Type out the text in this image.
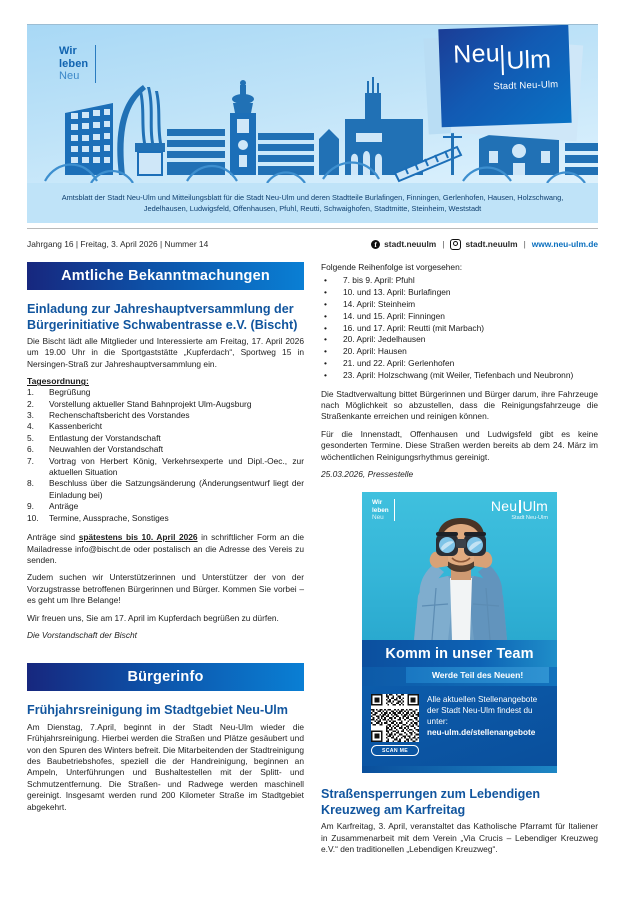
Wir
leben
Neu
Neu Ulm
Stadt Neu-Ulm

Amtsblatt der Stadt Neu-Ulm und Mitteilungsblatt für die Stadt Neu-Ulm und deren Stadtteile Burlafingen, Finningen, Gerlenhofen, Hausen, Holzschwang, Jedelhausen, Ludwigsfeld, Offenhausen, Pfuhl, Reutti, Schwaighofen, Stadtmitte, Steinheim, Weststadt

Jahrgang 16 | Freitag, 3. April 2026 | Nummer 14	f stadt.neuulm |	stadt.neuulm | www.neu-ulm.de
Amtliche Bekanntmachungen
Einladung zur Jahreshauptversammlung der Bürgerinitiative Schwabentrasse e.V. (Bischt)

Die Bischt lädt alle Mitglieder und Interessierte am Freitag, 17. April 2026 um 19.00 Uhr in die Sportgaststätte „Kupferdach“, Sportweg 15 in Nersingen-Straß zur Jahreshauptversammlung ein.

Tagesordnung:
Begrüßung
Vorstellung aktueller Stand Bahnprojekt Ulm-Augsburg
Rechenschaftsbericht des Vorstandes
Kassenbericht
Entlastung der Vorstandschaft
Neuwahlen der Vorstandschaft
Vortrag von Herbert König, Verkehrsexperte und Dipl.-Oec., zur aktuellen Situation
Beschluss über die Satzungsänderung (Änderungsentwurf liegt der Einladung bei)
Anträge
Termine, Aussprache, Sonstiges

Anträge sind spätestens bis 10. April 2026 in schriftlicher Form an die Mailadresse info@bischt.de oder postalisch an die Adresse des Vereis zu senden.

Zudem suchen wir Unterstützerinnen und Unterstützer der von der Vorzugstrasse betroffenen Bürgerinnen und Bürger. Kommen Sie vorbei – es geht um Ihre Belange!

Wir freuen uns, Sie am 17. April im Kupferdach begrüßen zu dürfen.

Die Vorstandschaft der Bischt

Bürgerinfo
Frühjahrsreinigung im Stadtgebiet Neu-Ulm

Am Dienstag, 7.April, beginnt in der Stadt Neu-Ulm wieder die Frühjahrsreinigung. Hierbei werden die Straßen und Plätze gesäubert und von den Spuren des Winters befreit. Die Mitarbeitenden der Stadtreinigung des Baubetriebshofes, speziell die der Handreinigung, beginnen an Ampeln, Unterführungen und Bushaltestellen mit der Splitt- und Schmutzentfernung. Die Straßen- und Radwege werden maschinell gereinigt. Insgesamt werden rund 200 Kilometer Straße im Stadtgebiet abgekehrt.

Folgende Reihenfolge ist vorgesehen:

• 7. bis 9. April: Pfuhl
• 10. und 13. April: Burlafingen
• 14. April: Steinheim
• 14. und 15. April: Finningen
• 16. und 17. April: Reutti (mit Marbach)
• 20. April: Jedelhausen
• 20. April: Hausen
• 21. und 22. April: Gerlenhofen
• 23. April: Holzschwang (mit Weiler, Tiefenbach und Neubronn)

Die Stadtverwaltung bittet Bürgerinnen und Bürger darum, ihre Fahrzeuge nach Möglichkeit so abzustellen, dass die Reinigungsfahrzeuge die Straßenkante erreichen und reinigen können.

Für die Innenstadt, Offenhausen und Ludwigsfeld gibt es keine gesonderten Termine. Diese Straßen werden bereits ab dem 24. März im wöchentlichen Reinigungsrhythmus gereinigt.

25.03.2026, Pressestelle

Wir
leben
Neu
Neu Ulm
Stadt Neu-Ulm
Komm in unser Team
Werde Teil des Neuen!
SCAN ME
Alle aktuellen Stellenangebote der Stadt Neu-Ulm findest du unter:
neu-ulm.de/stellenangebote
Straßensperrungen zum Lebendigen Kreuzweg am Karfreitag

Am Karfreitag, 3. April, veranstaltet das Katholische Pfarramt für Italiener in Zusammenarbeit mit dem Verein „Via Crucis – Lebendiger Kreuzweg e.V.“ den traditionellen „Lebendigen Kreuzweg“.
